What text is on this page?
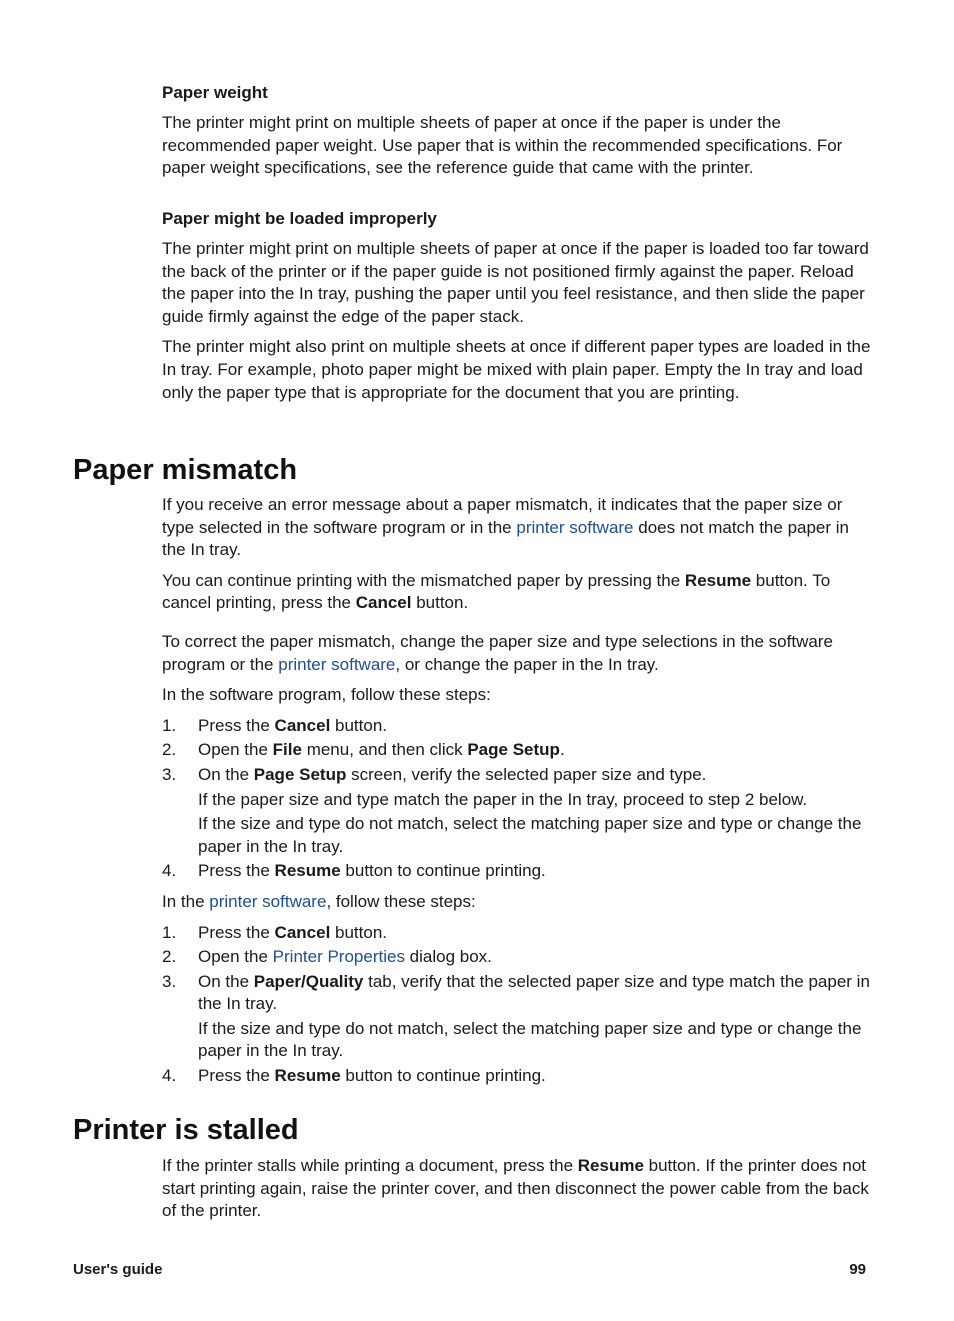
Paper weight

The printer might print on multiple sheets of paper at once if the paper is under the recommended paper weight. Use paper that is within the recommended specifications. For paper weight specifications, see the reference guide that came with the printer.

Paper might be loaded improperly

The printer might print on multiple sheets of paper at once if the paper is loaded too far toward the back of the printer or if the paper guide is not positioned firmly against the paper. Reload the paper into the In tray, pushing the paper until you feel resistance, and then slide the paper guide firmly against the edge of the paper stack.

The printer might also print on multiple sheets at once if different paper types are loaded in the In tray. For example, photo paper might be mixed with plain paper. Empty the In tray and load only the paper type that is appropriate for the document that you are printing.

Paper mismatch

If you receive an error message about a paper mismatch, it indicates that the paper size or type selected in the software program or in the printer software does not match the paper in the In tray.

You can continue printing with the mismatched paper by pressing the Resume button. To cancel printing, press the Cancel button.

To correct the paper mismatch, change the paper size and type selections in the software program or the printer software, or change the paper in the In tray.

In the software program, follow these steps:

1. Press the Cancel button.
2. Open the File menu, and then click Page Setup.
3. On the Page Setup screen, verify the selected paper size and type.
If the paper size and type match the paper in the In tray, proceed to step 2 below.
If the size and type do not match, select the matching paper size and type or change the paper in the In tray.
4. Press the Resume button to continue printing.

In the printer software, follow these steps:

1. Press the Cancel button.
2. Open the Printer Properties dialog box.
3. On the Paper/Quality tab, verify that the selected paper size and type match the paper in the In tray.
If the size and type do not match, select the matching paper size and type or change the paper in the In tray.
4. Press the Resume button to continue printing.
Printer is stalled

If the printer stalls while printing a document, press the Resume button. If the printer does not start printing again, raise the printer cover, and then disconnect the power cable from the back of the printer.

User's guide	99
